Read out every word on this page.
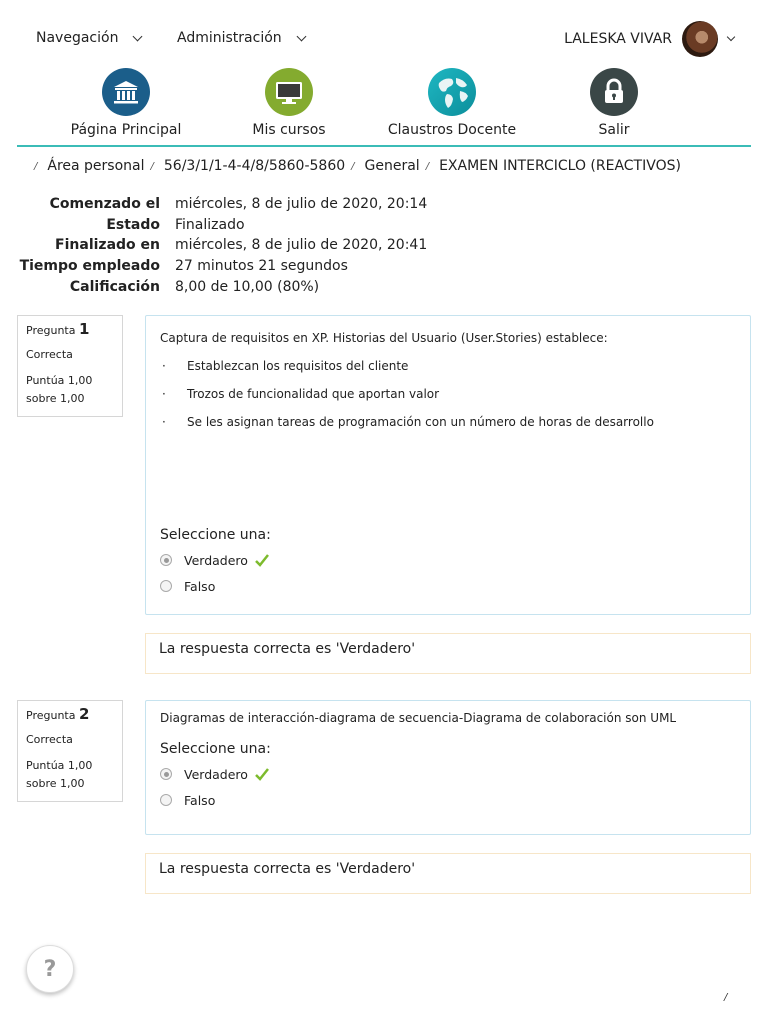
Navegación	Administración	LALESKA VIVAR
Página Principal	Mis cursos	Claustros Docente	Salir
/ Área personal / 56/3/1/1-4-4/8/5860-5860 / General / EXAMEN INTERCICLO (REACTIVOS)
Comenzado el miércoles, 8 de julio de 2020, 20:14
Estado Finalizado
Finalizado en miércoles, 8 de julio de 2020, 20:41
Tiempo empleado 27 minutos 21 segundos
Calificación 8,00 de 10,00 (80%)
Pregunta 1
Correcta
Puntúa 1,00
sobre 1,00
Captura de requisitos en XP. Historias del Usuario (User.Stories) establece:
·	Establezcan los requisitos del cliente
·	Trozos de funcionalidad que aportan valor
·	Se les asignan tareas de programación con un número de horas de desarrollo
Seleccione una:
Verdadero
Falso
La respuesta correcta es 'Verdadero'
Pregunta 2
Correcta
Puntúa 1,00
sobre 1,00
Diagramas de interacción-diagrama de secuencia-Diagrama de colaboración son UML
Seleccione una:
Verdadero
Falso
La respuesta correcta es 'Verdadero'
?
/
